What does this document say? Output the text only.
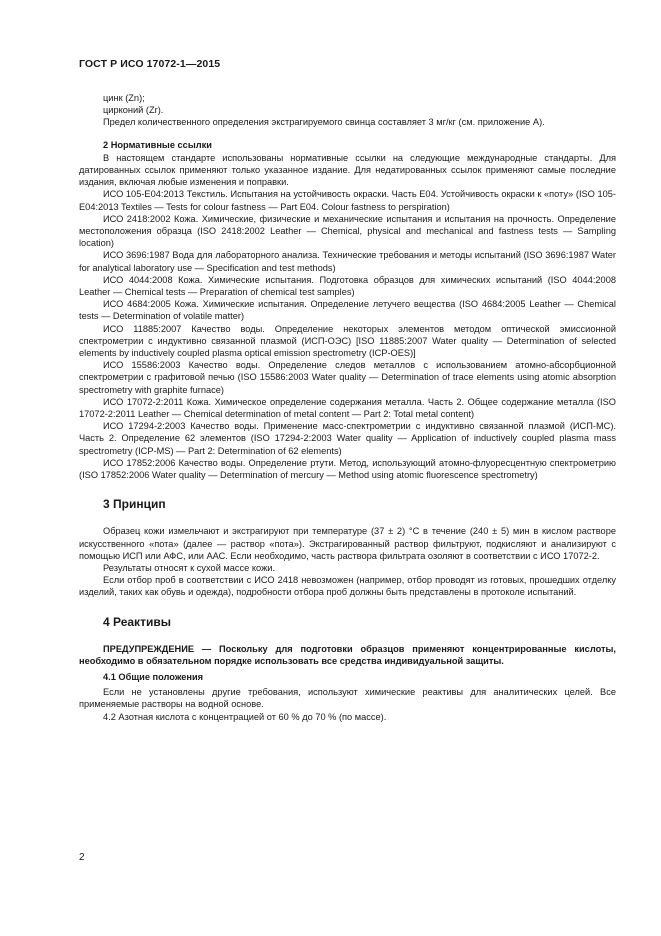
ГОСТ Р ИСО 17072-1—2015

цинк (Zn);

цирконий (Zr).

Предел количественного определения экстрагируемого свинца составляет 3 мг/кг (см. приложение А).

2 Нормативные ссылки

В настоящем стандарте использованы нормативные ссылки на следующие международные стандарты. Для датированных ссылок применяют только указанное издание. Для недатированных ссылок применяют самые последние издания, включая любые изменения и поправки.

ИСО 105-E04:2013 Текстиль. Испытания на устойчивость окраски. Часть E04. Устойчивость окраски к «поту» (ISO 105-E04:2013 Textiles — Tests for colour fastness — Part E04. Colour fastness to perspiration)

ИСО 2418:2002 Кожа. Химические, физические и механические испытания и испытания на прочность. Определение местоположения образца (ISO 2418:2002 Leather — Chemical, physical and mechanical and fastness tests — Sampling location)

ИСО 3696:1987 Вода для лабораторного анализа. Технические требования и методы испытаний (ISO 3696:1987 Water for analytical laboratory use — Specification and test methods)

ИСО 4044:2008 Кожа. Химические испытания. Подготовка образцов для химических испытаний (ISO 4044:2008 Leather — Chemical tests — Preparation of chemical test samples)

ИСО 4684:2005 Кожа. Химические испытания. Определение летучего вещества (ISO 4684:2005 Leather — Chemical tests — Determination of volatile matter)

ИСО 11885:2007 Качество воды. Определение некоторых элементов методом оптической эмиссионной спектрометрии с индуктивно связанной плазмой (ИСП-ОЭС) [ISO 11885:2007 Water quality — Determination of selected elements by inductively coupled plasma optical emission spectrometry (ICP-OES)]

ИСО 15586:2003 Качество воды. Определение следов металлов с использованием атомно-абсорбционной спектрометрии с графитовой печью (ISO 15586:2003 Water quality — Determination of trace elements using atomic absorption spectrometry with graphite furnace)

ИСО 17072-2:2011 Кожа. Химическое определение содержания металла. Часть 2. Общее содержание металла (ISO 17072-2:2011 Leather — Chemical determination of metal content — Part 2: Total metal content)

ИСО 17294-2:2003 Качество воды. Применение масс-спектрометрии с индуктивно связанной плазмой (ИСП-МС). Часть 2. Определение 62 элементов (ISO 17294-2:2003 Water quality — Application of inductively coupled plasma mass spectrometry (ICP-MS) — Part 2: Determination of 62 elements)

ИСО 17852:2006 Качество воды. Определение ртути. Метод, использующий атомно-флуоресцентную спектрометрию (ISO 17852:2006 Water quality — Determination of mercury — Method using atomic fluorescence spectrometry)

3 Принцип

Образец кожи измельчают и экстрагируют при температуре (37 ± 2) °С в течение (240 ± 5) мин в кислом растворе искусственного «пота» (далее — раствор «пота»). Экстрагированный раствор фильтруют, подкисляют и анализируют с помощью ИСП или АФС, или ААС. Если необходимо, часть раствора фильтрата озоляют в соответствии с ИСО 17072-2.

Результаты относят к сухой массе кожи.

Если отбор проб в соответствии с ИСО 2418 невозможен (например, отбор проводят из готовых, прошедших отделку изделий, таких как обувь и одежда), подробности отбора проб должны быть представлены в протоколе испытаний.

4 Реактивы

ПРЕДУПРЕЖДЕНИЕ — Поскольку для подготовки образцов применяют концентрированные кислоты, необходимо в обязательном порядке использовать все средства индивидуальной защиты.

4.1 Общие положения

Если не установлены другие требования, используют химические реактивы для аналитических целей. Все применяемые растворы на водной основе.

4.2 Азотная кислота с концентрацией от 60 % до 70 % (по массе).

2
